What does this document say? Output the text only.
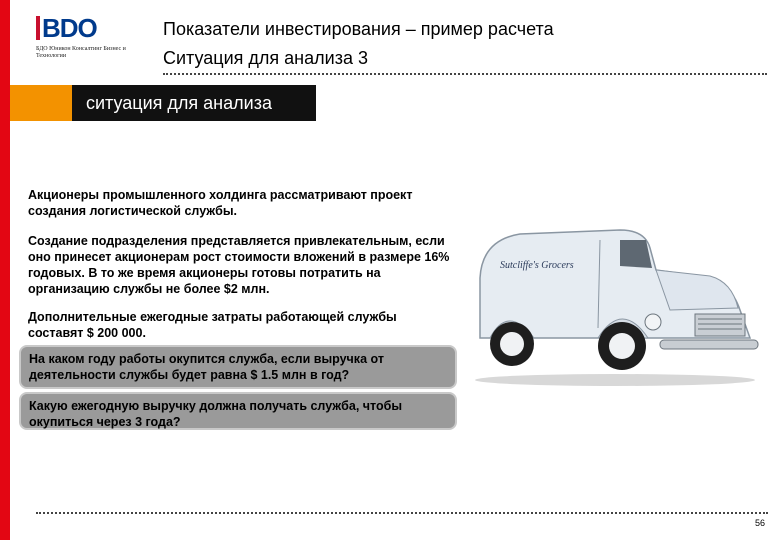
BDO
БДО Юникон Консалтинг Бизнес и Технологии
Показатели инвестирования – пример расчета
Ситуация для анализа 3
ситуация для анализа
Акционеры промышленного холдинга рассматривают проект создания логистической службы.
Создание подразделения представляется привлекательным, если оно принесет акционерам рост стоимости вложений в размере 16% годовых. В то же время акционеры готовы потратить на организацию службы не более $2 млн.
Дополнительные ежегодные затраты работающей службы составят $ 200 000.
На каком году работы окупится служба, если выручка от деятельности службы будет равна $ 1.5 млн в год?
Какую ежегодную выручку должна получать служба, чтобы окупиться через 3 года?
Sutcliffe's Grocers
56
